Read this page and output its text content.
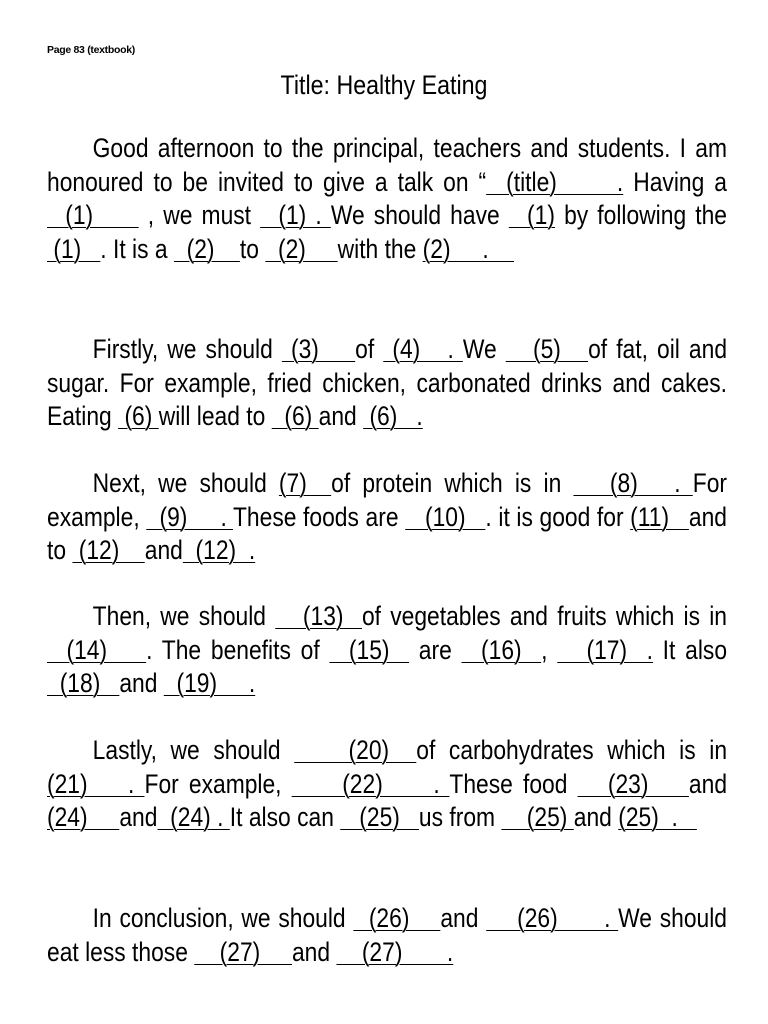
Page 83 (textbook)
Title: Healthy Eating

Good afternoon to the principal, teachers and students. I am honoured to be invited to give a talk on “  (title)      . Having a   (1)      , we must   (1) . We should have   (1) by following the  (1)   . It is a   (2)    to   (2)     with the (2)     .

Firstly, we should  (3)    of  (4)   . We    (5)   of fat, oil and sugar. For example, fried chicken, carbonated drinks and cakes. Eating  (6) will lead to   (6) and  (6)   .

Next, we should (7)  of protein which is in    (8)   . For example,   (9)     . These foods are    (10)   . it is good for (11)   and to  (12)    and  (12)  .

Then, we should    (13)  of vegetables and fruits which is in   (14)    . The benefits of   (15)   are   (16)  ,    (17)  . It also   (18)   and   (19)     .

Lastly, we should     (20)  of carbohydrates which is in (21)    . For example,      (22)     . These food    (23)    and (24)     and  (24) . It also can    (25)   us from     (25) and (25)  .

In conclusion, we should   (26)    and     (26)      . We should eat less those     (27)     and     (27)       .
